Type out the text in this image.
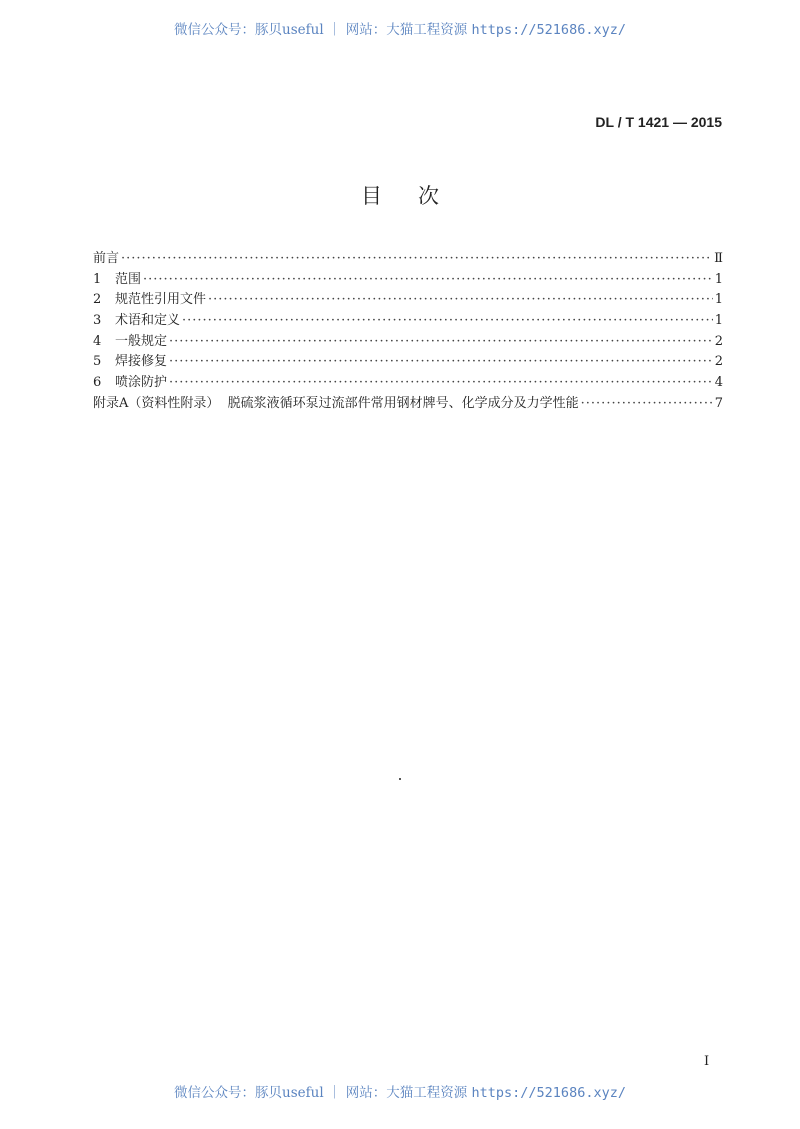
微信公众号：豚贝useful ｜ 网站：大猫工程资源 https://521686.xyz/
DL / T 1421 — 2015
目 次
前言 ·····	Ⅱ
1	范围 ·····	1
2	规范性引用文件 ·····	1
3	术语和定义 ·····	1
4	一般规定 ·····	2
5	焊接修复 ·····	2
6	喷涂防护 ·····	4
附录A（资料性附录）  脱硫浆液循环泵过流部件常用钢材牌号、化学成分及力学性能 ·····	7
I
微信公众号：豚贝useful ｜ 网站：大猫工程资源 https://521686.xyz/
